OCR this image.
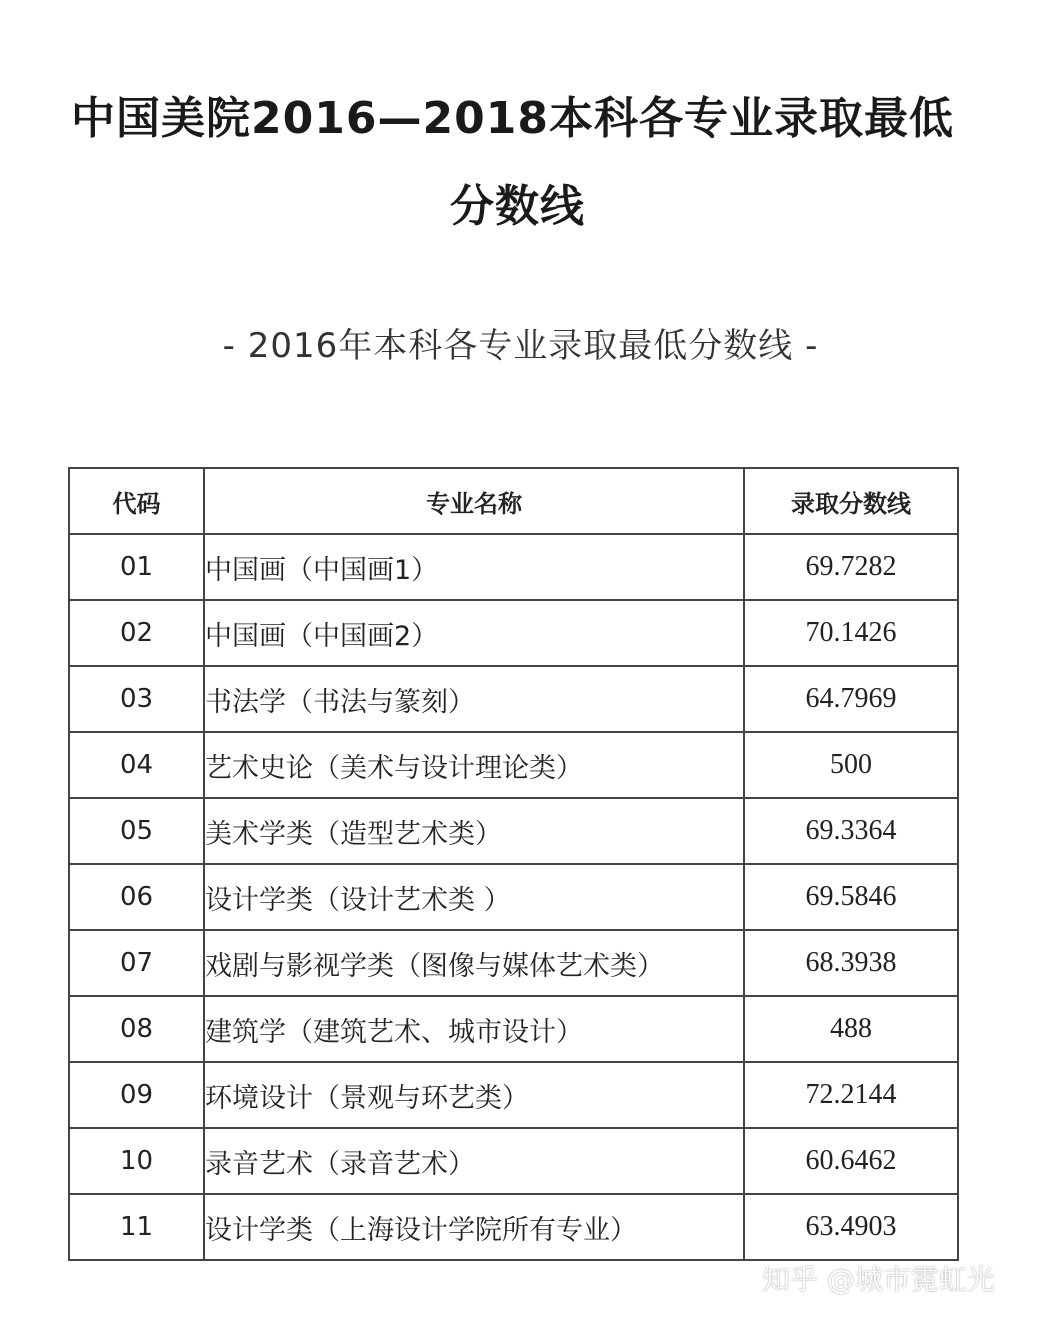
中国美院2016—2018本科各专业录取最低
分数线
- 2016年本科各专业录取最低分数线 -
代码	专业名称	录取分数线
01	中国画（中国画1）	69.7282
02	中国画（中国画2）	70.1426
03	书法学（书法与篆刻）	64.7969
04	艺术史论（美术与设计理论类）	500
05	美术学类（造型艺术类）	69.3364
06	设计学类（设计艺术类 ）	69.5846
07	戏剧与影视学类（图像与媒体艺术类）	68.3938
08	建筑学（建筑艺术、城市设计）	488
09	环境设计（景观与环艺类）	72.2144
10	录音艺术（录音艺术）	60.6462
11	设计学类（上海设计学院所有专业）	63.4903
知乎 @城市霓虹光
